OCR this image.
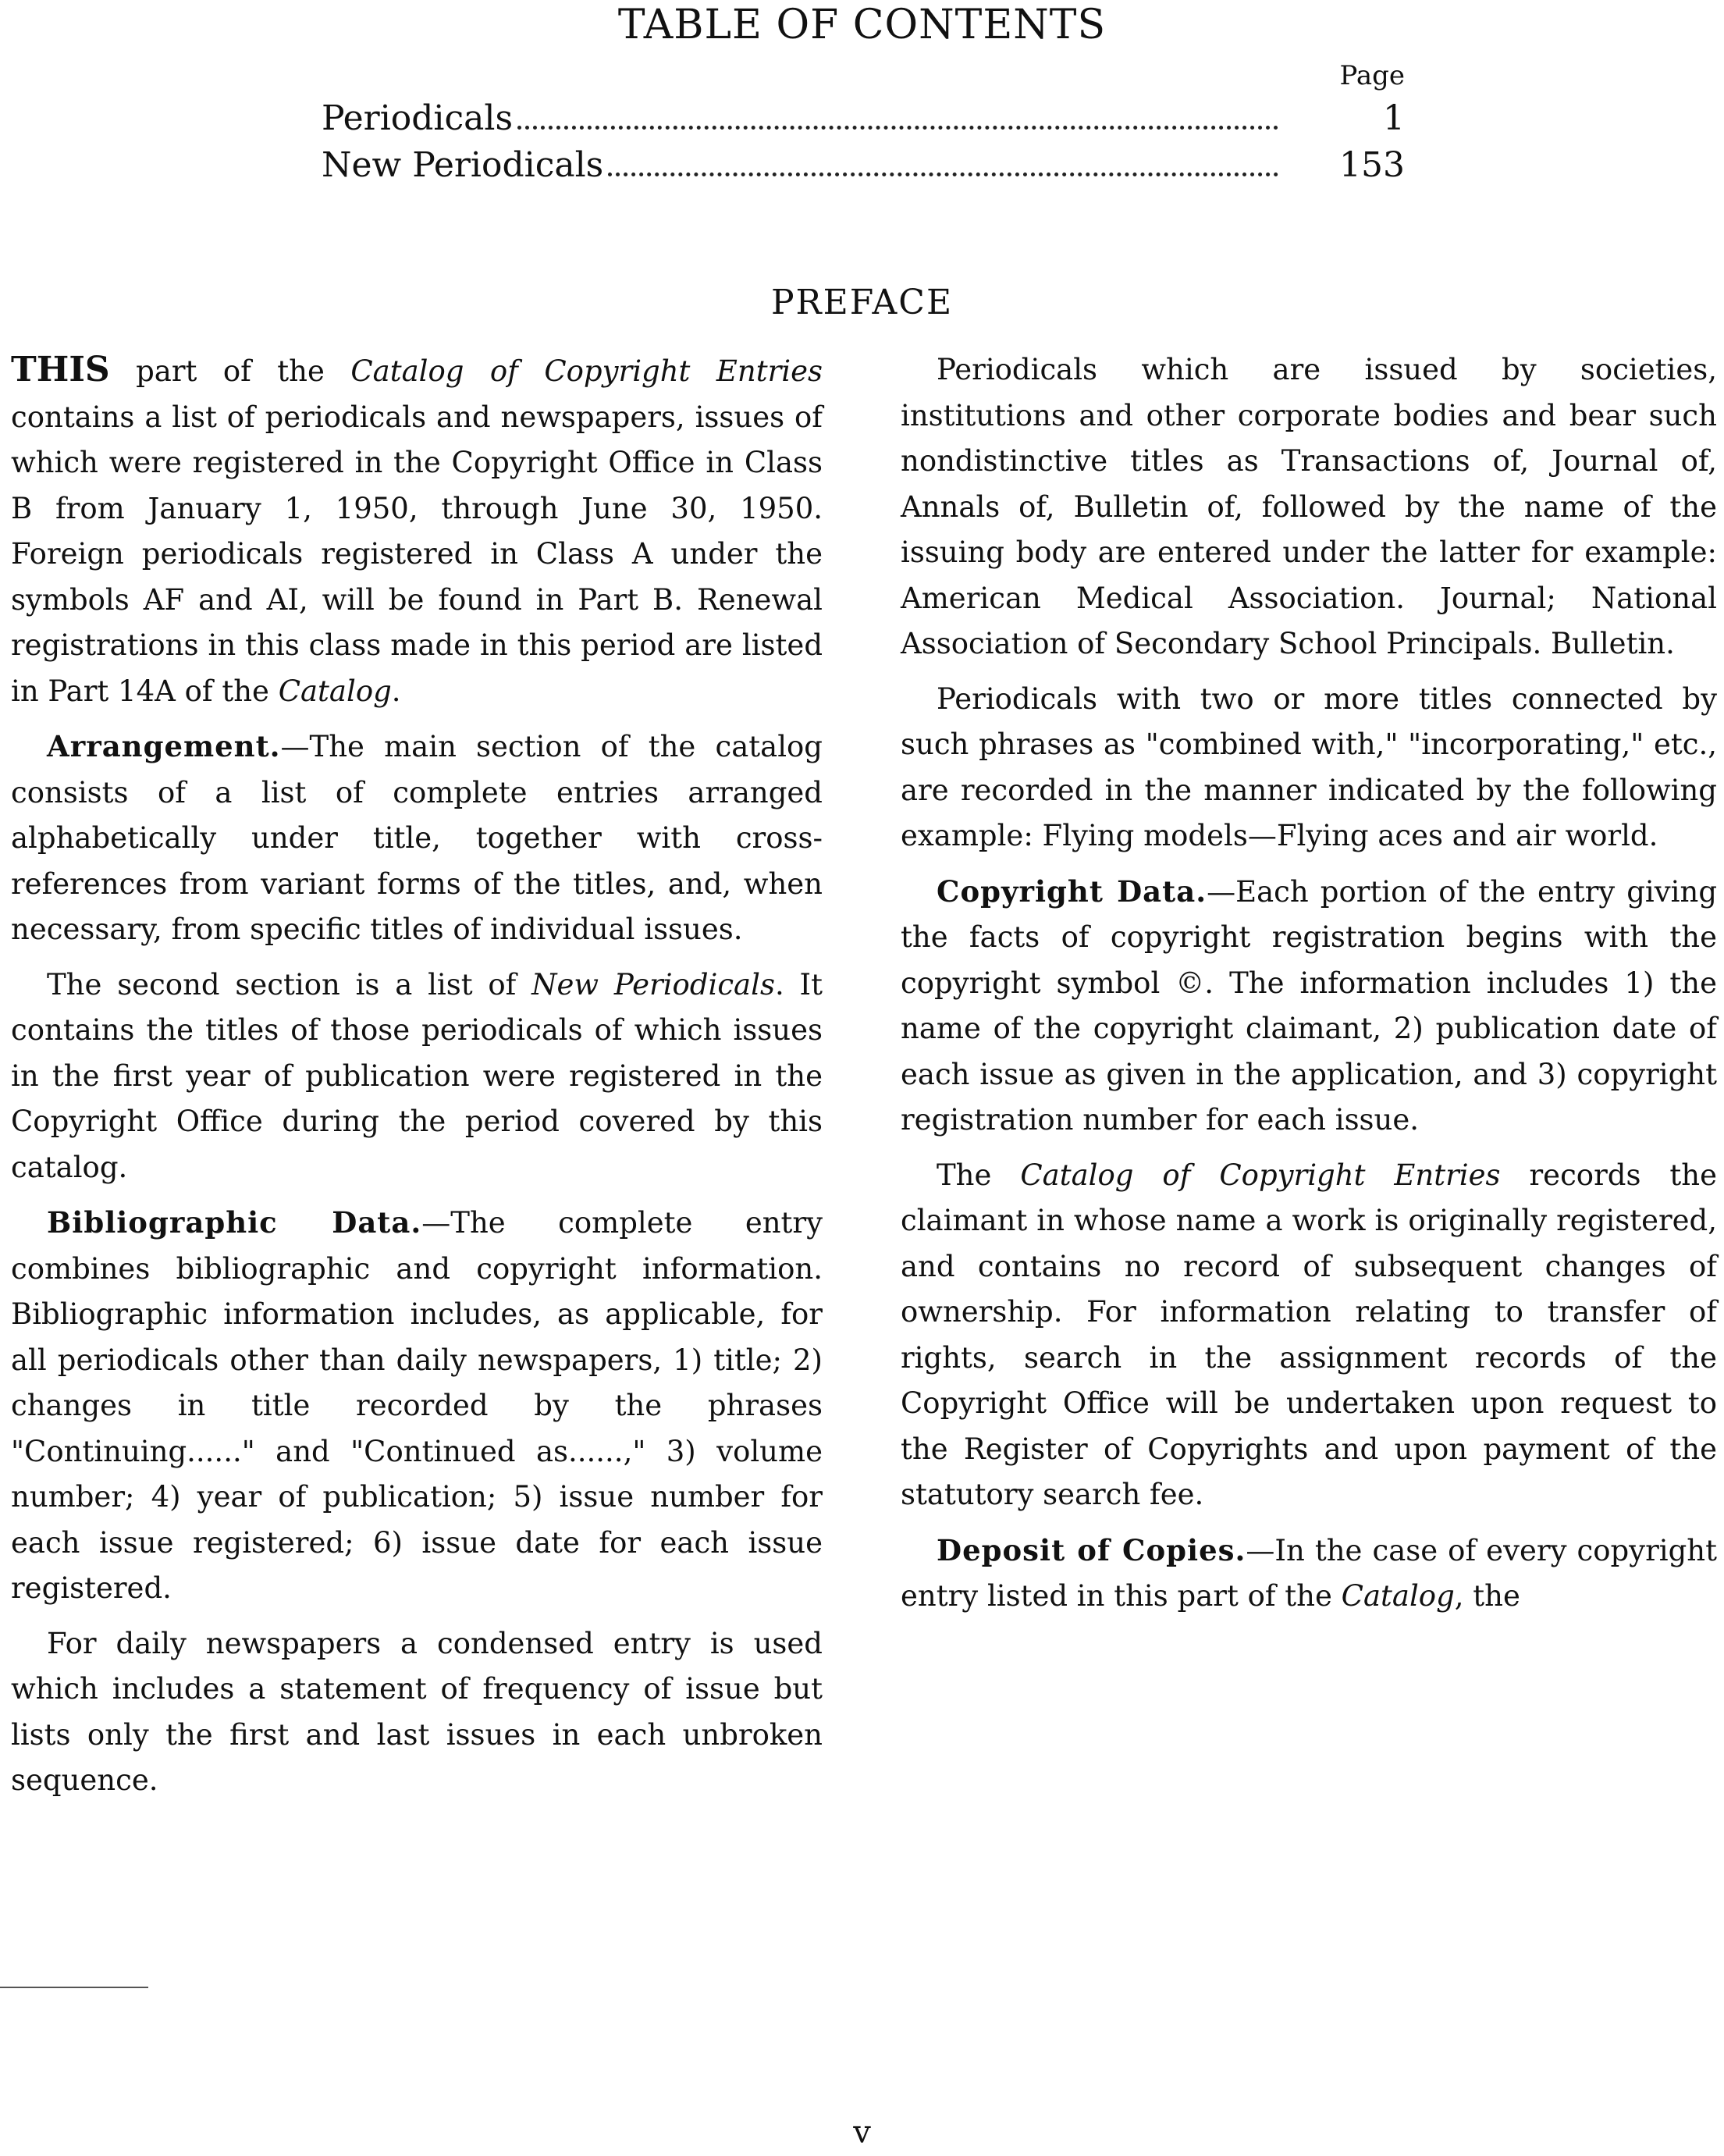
TABLE OF CONTENTS
Page
Periodicals	1
New Periodicals	153
PREFACE

THIS part of the Catalog of Copyright Entries contains a list of periodicals and newspapers, issues of which were registered in the Copyright Office in Class B from January 1, 1950, through June 30, 1950. Foreign periodicals registered in Class A under the symbols AF and AI, will be found in Part B. Renewal registrations in this class made in this period are listed in Part 14A of the Catalog.

Arrangement.—The main section of the catalog consists of a list of complete entries arranged alphabetically under title, together with cross-references from variant forms of the titles, and, when necessary, from specific titles of individual issues.

The second section is a list of New Periodicals. It contains the titles of those periodicals of which issues in the first year of publication were registered in the Copyright Office during the period covered by this catalog.

Bibliographic Data.—The complete entry combines bibliographic and copyright information. Bibliographic information includes, as applicable, for all periodicals other than daily newspapers, 1) title; 2) changes in title recorded by the phrases "Continuing......" and "Continued as......," 3) volume number; 4) year of publication; 5) issue number for each issue registered; 6) issue date for each issue registered.

For daily newspapers a condensed entry is used which includes a statement of frequency of issue but lists only the first and last issues in each unbroken sequence.

Periodicals which are issued by societies, institutions and other corporate bodies and bear such nondistinctive titles as Transactions of, Journal of, Annals of, Bulletin of, followed by the name of the issuing body are entered under the latter for example: American Medical Association. Journal; National Association of Secondary School Principals. Bulletin.

Periodicals with two or more titles connected by such phrases as "combined with," "incorporating," etc., are recorded in the manner indicated by the following example: Flying models—Flying aces and air world.

Copyright Data.—Each portion of the entry giving the facts of copyright registration begins with the copyright symbol ©. The information includes 1) the name of the copyright claimant, 2) publication date of each issue as given in the application, and 3) copyright registration number for each issue.

The Catalog of Copyright Entries records the claimant in whose name a work is originally registered, and contains no record of subsequent changes of ownership. For information relating to transfer of rights, search in the assignment records of the Copyright Office will be undertaken upon request to the Register of Copyrights and upon payment of the statutory search fee.

Deposit of Copies.—In the case of every copyright entry listed in this part of the Catalog, the

v
